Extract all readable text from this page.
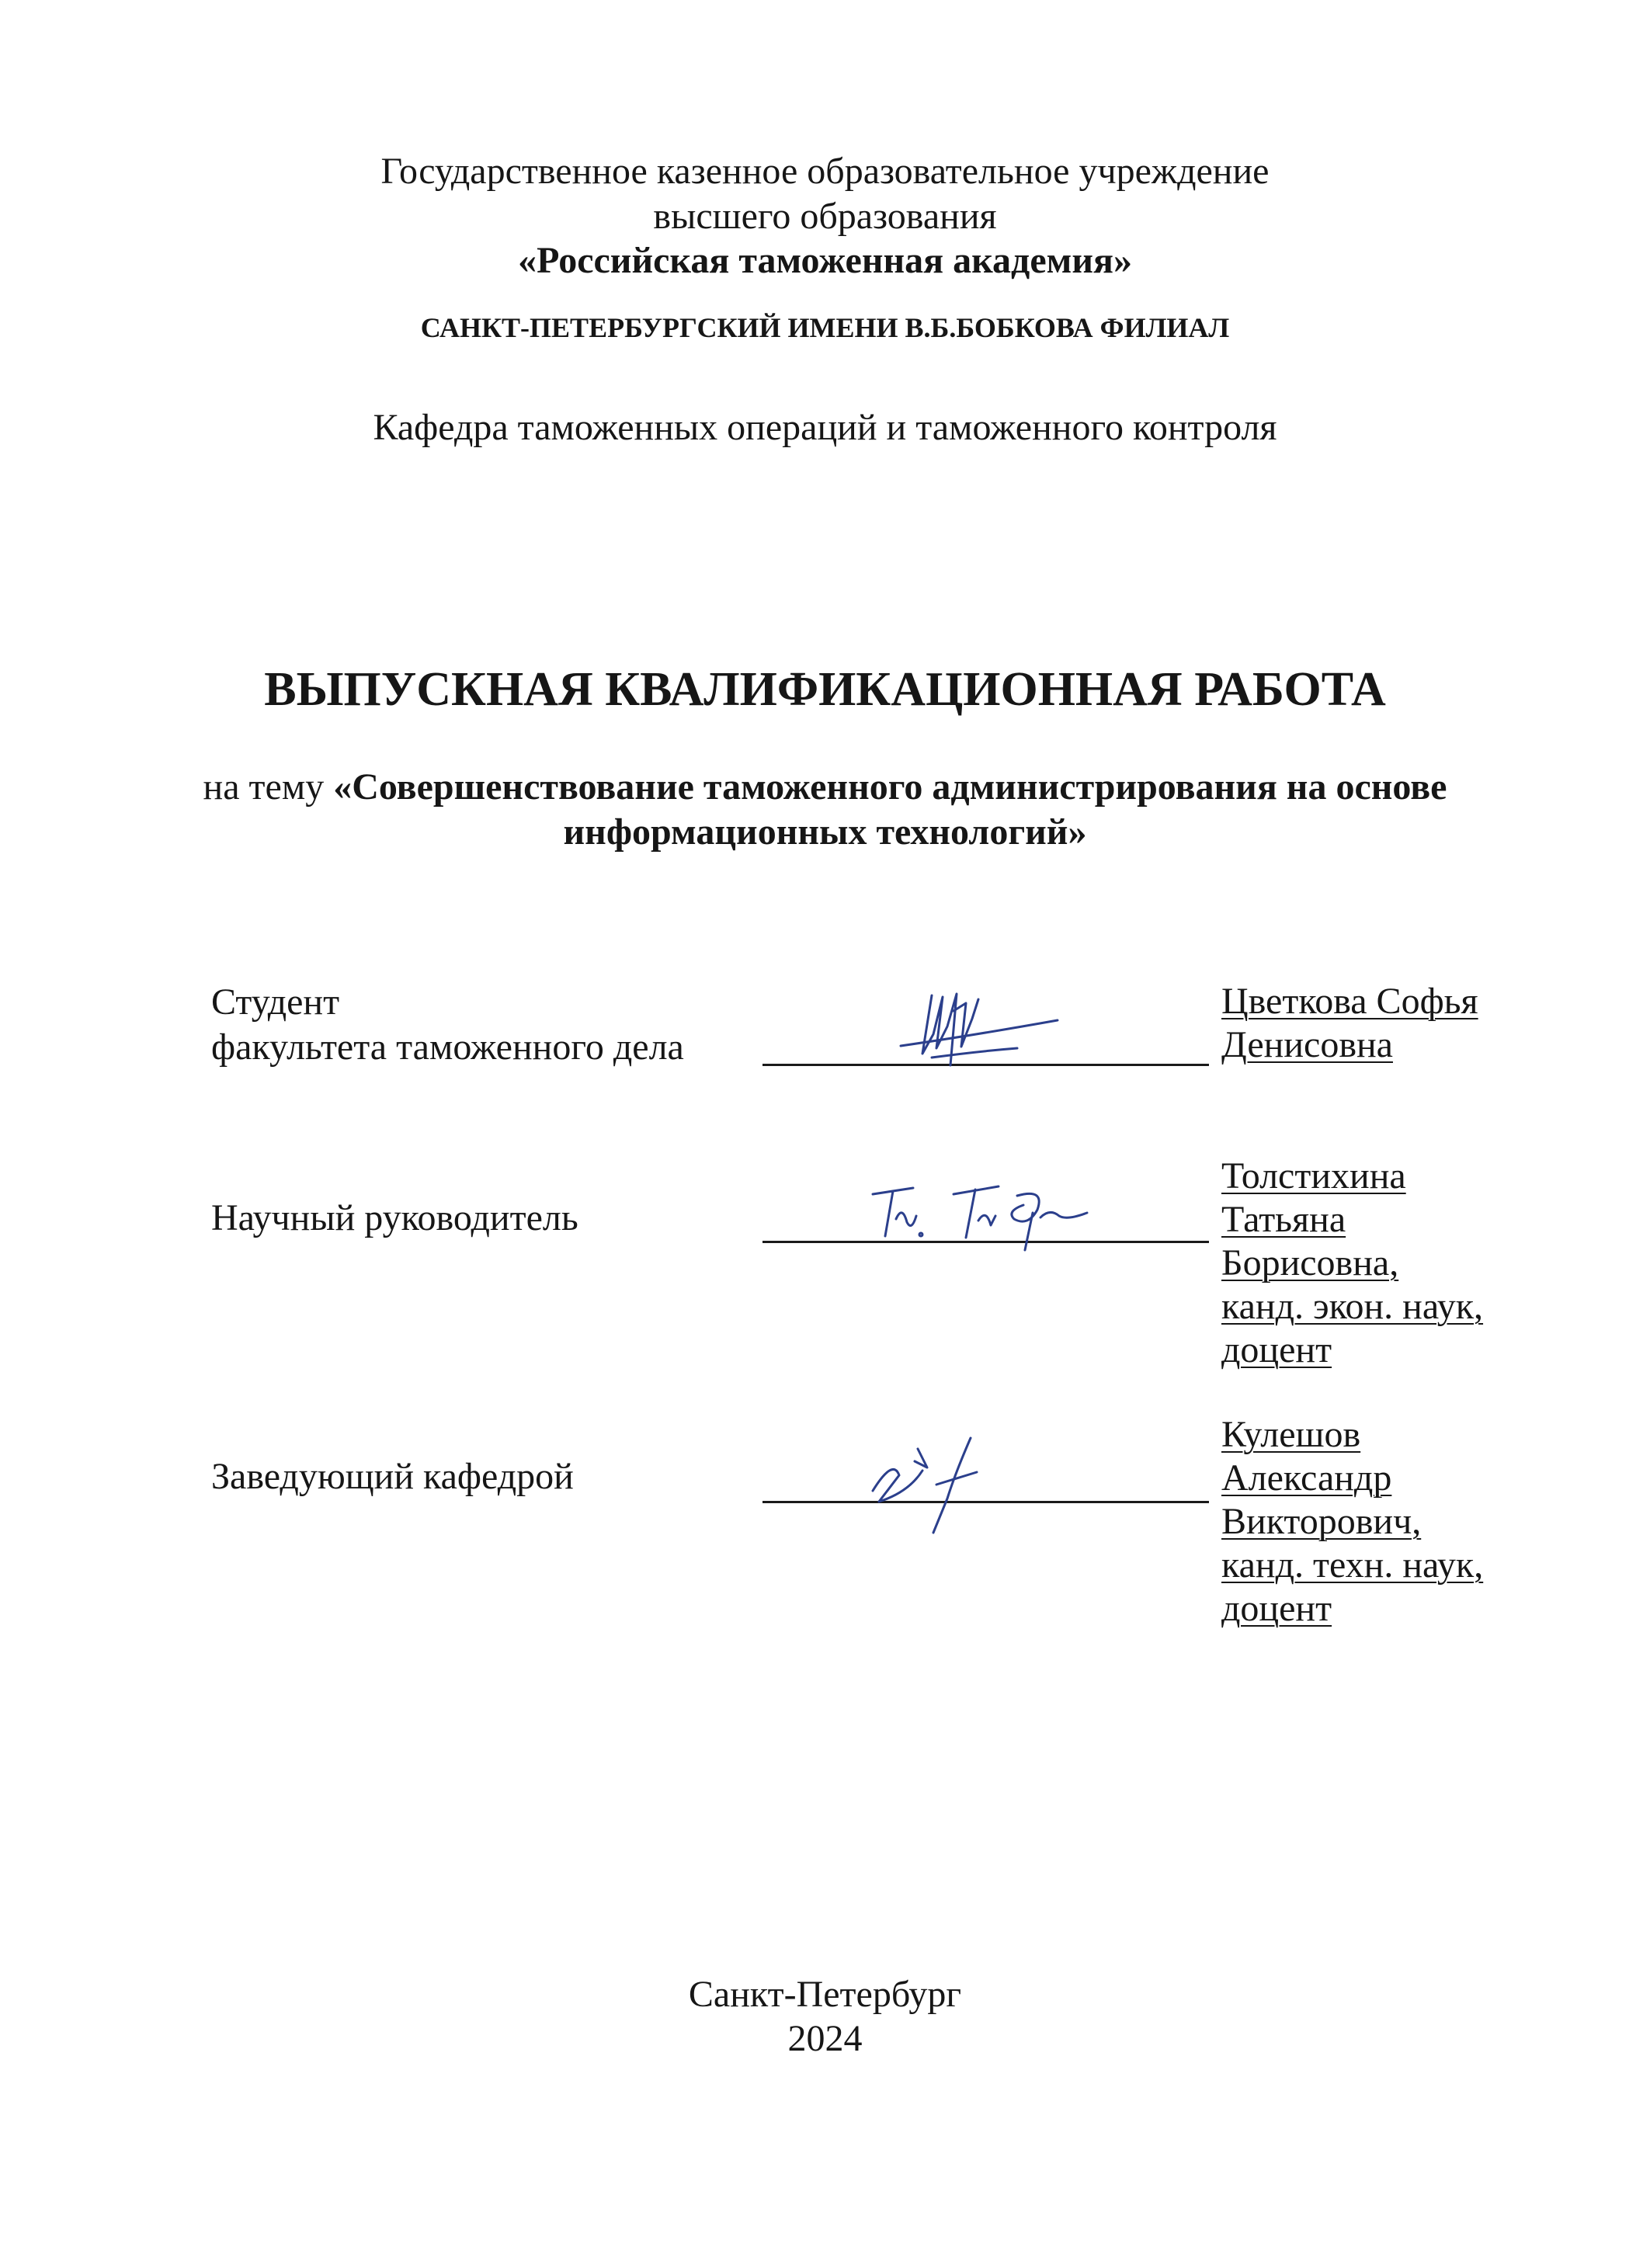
Государственное казенное образовательное учреждение
высшего образования
«Российская таможенная академия»
САНКТ-ПЕТЕРБУРГСКИЙ ИМЕНИ В.Б.БОБКОВА ФИЛИАЛ
Кафедра таможенных операций и таможенного контроля
ВЫПУСКНАЯ КВАЛИФИКАЦИОННАЯ РАБОТА
на тему «Совершенствование таможенного администрирования на основе
информационных технологий»
Студент
факультета таможенного дела
Цветкова Софья
Денисовна
Научный руководитель
Толстихина
Татьяна
Борисовна,
канд. экон. наук,
доцент
Заведующий кафедрой
Кулешов
Александр
Викторович,
канд. техн. наук,
доцент
Санкт-Петербург
2024
